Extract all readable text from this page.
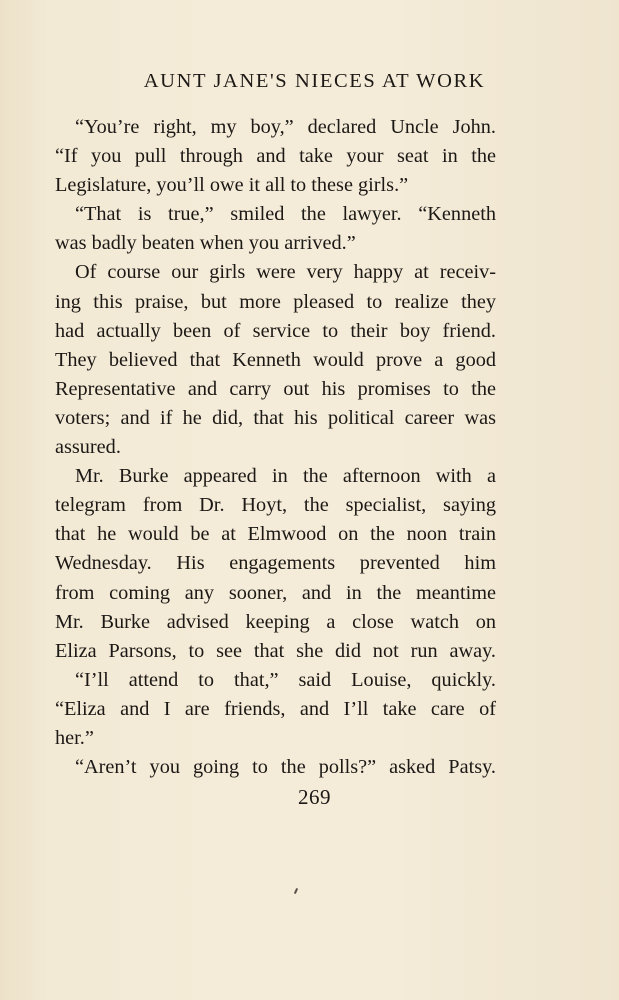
AUNT JANE'S NIECES AT WORK
“You’re right, my boy,” declared Uncle John.
“If you pull through and take your seat in the
Legislature, you’ll owe it all to these girls.”
“That is true,” smiled the lawyer. “Kenneth
was badly beaten when you arrived.”
Of course our girls were very happy at receiv-
ing this praise, but more pleased to realize they
had actually been of service to their boy friend.
They believed that Kenneth would prove a good
Representative and carry out his promises to the
voters; and if he did, that his political career was
assured.
Mr. Burke appeared in the afternoon with a
telegram from Dr. Hoyt, the specialist, saying
that he would be at Elmwood on the noon train
Wednesday. His engagements prevented him
from coming any sooner, and in the meantime
Mr. Burke advised keeping a close watch on
Eliza Parsons, to see that she did not run away.
“I’ll attend to that,” said Louise, quickly.
“Eliza and I are friends, and I’ll take care of
her.”
“Aren’t you going to the polls?” asked Patsy.
269
